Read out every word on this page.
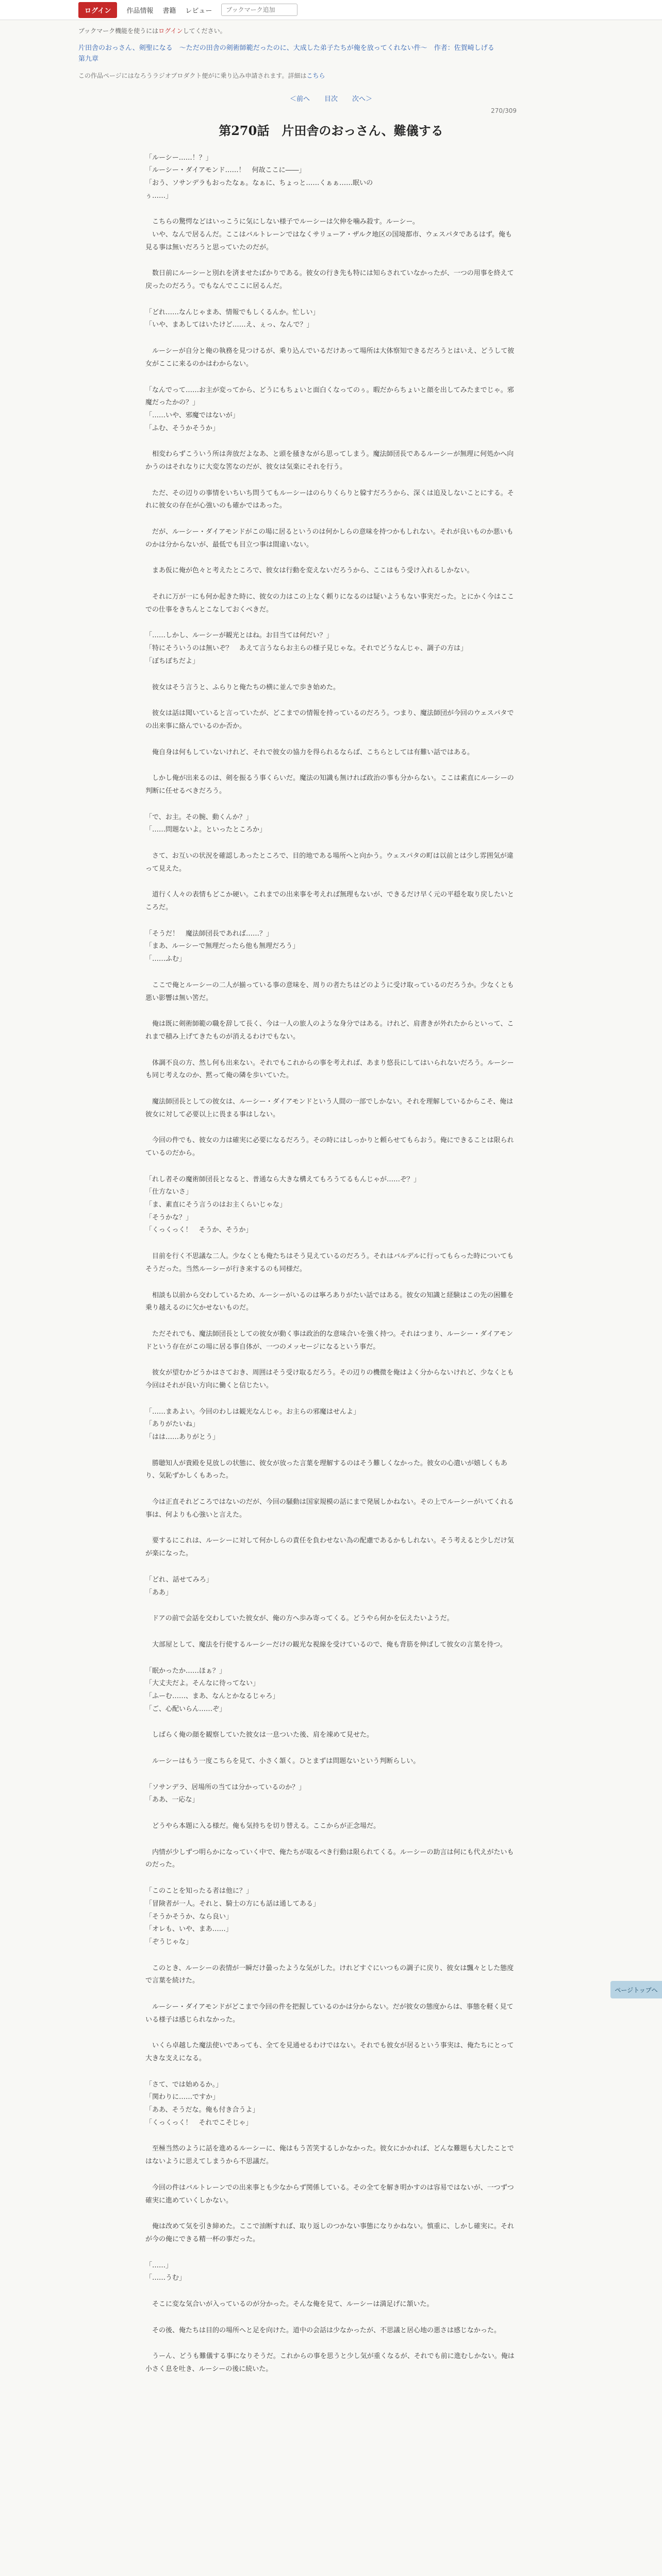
ログイン	作品情報 書籍 レビュー
ブックマーク追加
ブックマーク機能を使うにはログインしてください。
片田舎のおっさん、剣聖になる　～ただの田舎の剣術師範だったのに、大成した弟子たちが俺を放ってくれない件～　作者：佐賀崎しげる
第九章
この作品ページにはなろうラジオプロダクト便がに乗り込み申請されます。詳細はこちら
＜前へ 目次 次へ＞
270/309
第270話　片田舎のおっさん、難儀する

「ルーシー……！？」
「ルーシー・ダイアモンド……！　何故ここに――」
「おう、ソサンデラもおったなぁ。なぁに、ちょっと……くぁぁ……眠いの
ぅ……」

　こちらの驚愕などはいっこうに気にしない様子でルーシーは欠伸を噛み殺す。ルーシー。
　いや、なんで居るんだ。ここはバルトレーンではなくサリューア・ザルク地区の国境都市、ウェスパタであるはず。俺も見る事は無いだろうと思っていたのだが。

　数日前にルーシーと別れを済ませたばかりである。彼女の行き先も特には知らされていなかったが、一つの用事を終えて戻ったのだろう。でもなんでここに居るんだ。

「どれ……なんじゃまあ、情報でもしくるんか。忙しい」
「いや、まあしてはいたけど……え、ぇっ、なんで？」

　ルーシーが自分と俺の執務を見つけるが、乗り込んでいるだけあって場所は大体察知できるだろうとはいえ、どうして彼女がここに来るのかはわからない。

「なんでって……お主が変ってから、どうにもちょいと面白くなってのぅ。暇だからちょいと顔を出してみたまでじゃ。邪魔だったかの？」
「……いや、邪魔ではないが」
「ふむ、そうかそうか」

　相変わらずこういう所は奔放だよなあ、と頭を掻きながら思ってしまう。魔法師団長であるルーシーが無理に何処かへ向かうのはそれなりに大変な筈なのだが、彼女は気楽にそれを行う。

　ただ、その辺りの事情をいちいち問うてもルーシーはのらりくらりと躱すだろうから、深くは追及しないことにする。それに彼女の存在が心強いのも確かではあった。

　だが、ルーシー・ダイアモンドがこの場に居るというのは何かしらの意味を持つかもしれない。それが良いものか悪いものかは分からないが、最低でも目立つ事は間違いない。

　まあ仮に俺が色々と考えたところで、彼女は行動を変えないだろうから、ここはもう受け入れるしかない。

　それに万が一にも何か起きた時に、彼女の力はこの上なく頼りになるのは疑いようもない事実だった。とにかく今はここでの仕事をきちんとこなしておくべきだ。

「……しかし、ルーシーが観光とはね。お目当ては何だい？」
「特にそういうのは無いぞ？　あえて言うならお主らの様子見じゃな。それでどうなんじゃ、調子の方は」
「ぼちぼちだよ」

　彼女はそう言うと、ふらりと俺たちの横に並んで歩き始めた。

　彼女は話は聞いていると言っていたが、どこまでの情報を持っているのだろう。つまり、魔法師団が今回のウェスパタでの出来事に絡んでいるのか否か。

　俺自身は何もしていないけれど、それで彼女の協力を得られるならば、こちらとしては有難い話ではある。

　しかし俺が出来るのは、剣を振るう事くらいだ。魔法の知識も無ければ政治の事も分からない。ここは素直にルーシーの判断に任せるべきだろう。

「で、お主。その腕、動くんか？」
「……問題ないよ。といったところか」

　さて、お互いの状況を確認しあったところで、目的地である場所へと向かう。ウェスパタの町は以前とは少し雰囲気が違って見えた。

　道行く人々の表情もどこか硬い。これまでの出来事を考えれば無理もないが、できるだけ早く元の平穏を取り戻したいところだ。

「そうだ！　魔法師団長であれば……？」
「まあ、ルーシーで無理だったら他も無理だろう」
「……ふむ」

　ここで俺とルーシーの二人が揃っている事の意味を、周りの者たちはどのように受け取っているのだろうか。少なくとも悪い影響は無い筈だ。

　俺は既に剣術師範の職を辞して長く、今は一人の旅人のような身分ではある。けれど、肩書きが外れたからといって、これまで積み上げてきたものが消えるわけでもない。

　体調不良の方、然し何も出来ない。それでもこれからの事を考えれば、あまり悠長にしてはいられないだろう。ルーシーも同じ考えなのか、黙って俺の隣を歩いていた。

　魔法師団長としての彼女は、ルーシー・ダイアモンドという人間の一部でしかない。それを理解しているからこそ、俺は彼女に対して必要以上に畏まる事はしない。

　今回の件でも、彼女の力は確実に必要になるだろう。その時にはしっかりと頼らせてもらおう。俺にできることは限られているのだから。

「れし者その魔術師団長となると、普通なら大きな構えてもろうてるもんじゃが……ぞ？」
「仕方ないさ」
「ま、素直にそう言うのはお主くらいじゃな」
「そうかな？」
「くっくっく！　そうか、そうか」

　目前を行く不思議な二人。少なくとも俺たちはそう見えているのだろう。それはバルデルに行ってもらった時についてもそうだった。当然ルーシーが行き来するのも同様だ。

　相談も以前から交わしているため、ルーシーがいるのは寧ろありがたい話ではある。彼女の知識と経験はこの先の困難を乗り越えるのに欠かせないものだ。

　ただそれでも、魔法師団長としての彼女が動く事は政治的な意味合いを強く持つ。それはつまり、ルーシー・ダイアモンドという存在がこの場に居る事自体が、一つのメッセージになるという事だ。

　彼女が望むかどうかはさておき、周囲はそう受け取るだろう。その辺りの機微を俺はよく分からないけれど、少なくとも今回はそれが良い方向に働くと信じたい。

「……まあよい。今回のわしは観光なんじゃ。お主らの邪魔はせんよ」
「ありがたいね」
「はは……ありがとう」

　勝聴知人が貴殿を見放しの状態に、彼女が放った言葉を理解するのはそう難しくなかった。彼女の心遣いが嬉しくもあり、気恥ずかしくもあった。

　今は正直それどころではないのだが、今回の騒動は国家規模の話にまで発展しかねない。その上でルーシーがいてくれる事は、何よりも心強いと言えた。

　要するにこれは、ルーシーに対して何かしらの責任を負わせない為の配慮であるかもしれない。そう考えると少しだけ気が楽になった。

「どれ、話せてみろ」
「ああ」

　ドアの前で会話を交わしていた彼女が、俺の方へ歩み寄ってくる。どうやら何かを伝えたいようだ。

　大部屋として、魔法を行使するルーシーだけの観光な視線を受けているので、俺も背筋を伸ばして彼女の言葉を待つ。

「眠かったか……ほぁ？」
「大丈夫だよ。そんなに待ってない」
「ふーむ……、まあ、なんとかなるじゃろ」
「ご、心配いらん……ぞ」

　しばらく俺の顔を観察していた彼女は一息ついた後、肩を竦めて見せた。

　ルーシーはもう一度こちらを見て、小さく頷く。ひとまずは問題ないという判断らしい。

「ソサンデラ、居場所の当ては分かっているのか？」
「ああ、一応な」

　どうやら本題に入る様だ。俺も気持ちを切り替える。ここからが正念場だ。

　内情が少しずつ明らかになっていく中で、俺たちが取るべき行動は限られてくる。ルーシーの助言は何にも代えがたいものだった。

「このことを知ったる者は他に？」
「冒険者が一人。それと、騎士の方にも話は通してある」
「そうかそうか、なら良い」
「オレも、いや、まあ……」
「ぞうじゃな」

　このとき、ルーシーの表情が一瞬だけ曇ったような気がした。けれどすぐにいつもの調子に戻り、彼女は飄々とした態度で言葉を続けた。

　ルーシー・ダイアモンドがどこまで今回の件を把握しているのかは分からない。だが彼女の態度からは、事態を軽く見ている様子は感じられなかった。

　いくら卓越した魔法使いであっても、全てを見通せるわけではない。それでも彼女が居るという事実は、俺たちにとって大きな支えになる。

「さて、では始めるか。」
「関わりに……ですか」
「ああ、そうだな。俺も付き合うよ」
「くっくっく！　それでこそじゃ」

　至極当然のように話を進めるルーシーに、俺はもう苦笑するしかなかった。彼女にかかれば、どんな難題も大したことではないように思えてしまうから不思議だ。

　今回の件はバルトレーンでの出来事とも少なからず関係している。その全てを解き明かすのは容易ではないが、一つずつ確実に進めていくしかない。

　俺は改めて気を引き締めた。ここで油断すれば、取り返しのつかない事態になりかねない。慎重に、しかし確実に。それが今の俺にできる精一杯の事だった。

「……」
「……うむ」

　そこに変な気合いが入っているのが分かった。そんな俺を見て、ルーシーは満足げに頷いた。

　その後、俺たちは目的の場所へと足を向けた。道中の会話は少なかったが、不思議と居心地の悪さは感じなかった。

　うーん、どうも難儀する事になりそうだ。これからの事を思うと少し気が重くなるが、それでも前に進むしかない。俺は小さく息を吐き、ルーシーの後に続いた。

ページトップへ
